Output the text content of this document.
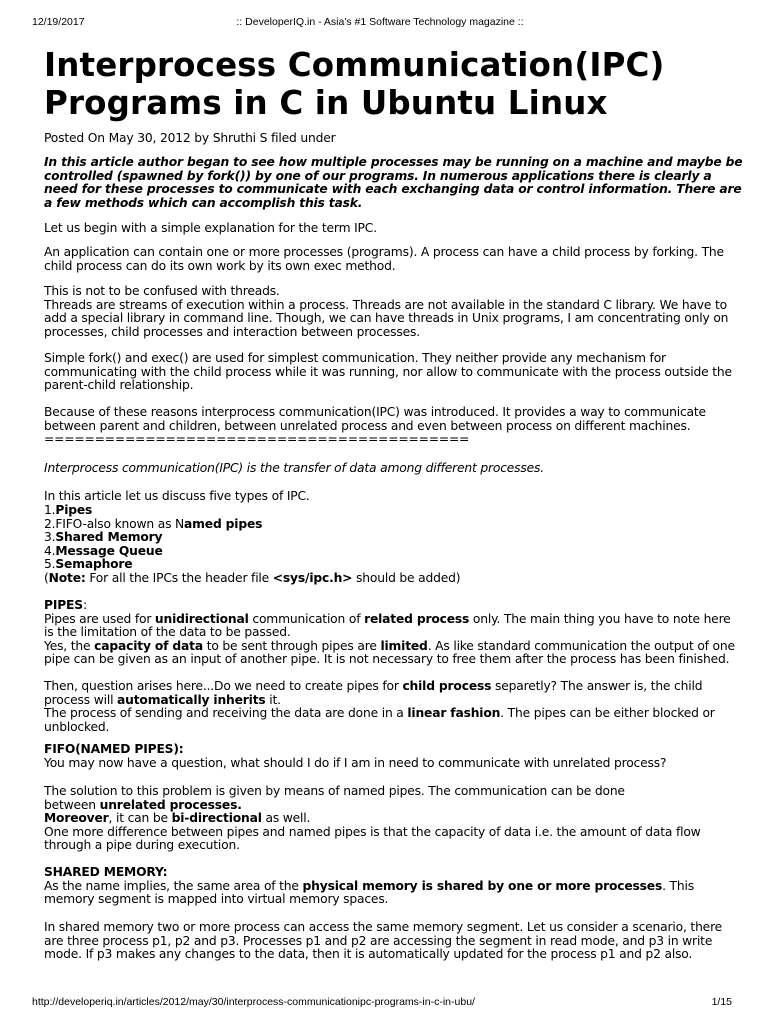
12/19/2017	:: DeveloperIQ.in - Asia's #1 Software Technology magazine ::
Interprocess Communication(IPC)
Programs in C in Ubuntu Linux
Posted On May 30, 2012 by Shruthi S filed under
In this article author began to see how multiple processes may be running on a machine and maybe be
controlled (spawned by fork()) by one of our programs. In numerous applications there is clearly a
need for these processes to communicate with each exchanging data or control information. There are
a few methods which can accomplish this task.
Let us begin with a simple explanation for the term IPC.
An application can contain one or more processes (programs). A process can have a child process by forking. The
child process can do its own work by its own exec method.
This is not to be confused with threads.
Threads are streams of execution within a process. Threads are not available in the standard C library. We have to
add a special library in command line. Though, we can have threads in Unix programs, I am concentrating only on
processes, child processes and interaction between processes.
Simple fork() and exec() are used for simplest communication. They neither provide any mechanism for
communicating with the child process while it was running, nor allow to communicate with the process outside the
parent-child relationship.
Because of these reasons interprocess communication(IPC) was introduced. It provides a way to communicate
between parent and children, between unrelated process and even between process on different machines.
==========================================
Interprocess communication(IPC) is the transfer of data among different processes.
In this article let us discuss five types of IPC.
1.Pipes
2.FIFO-also known as Named pipes
3.Shared Memory
4.Message Queue
5.Semaphore
(Note: For all the IPCs the header file <sys/ipc.h> should be added)
PIPES:
Pipes are used for unidirectional communication of related process only. The main thing you have to note here
is the limitation of the data to be passed.
Yes, the capacity of data to be sent through pipes are limited. As like standard communication the output of one
pipe can be given as an input of another pipe. It is not necessary to free them after the process has been finished.
Then, question arises here...Do we need to create pipes for child process separetly? The answer is, the child
process will automatically inherits it.
The process of sending and receiving the data are done in a linear fashion. The pipes can be either blocked or
unblocked.
FIFO(NAMED PIPES):
You may now have a question, what should I do if I am in need to communicate with unrelated process?
The solution to this problem is given by means of named pipes. The communication can be done
between unrelated processes.
Moreover, it can be bi-directional as well.
One more difference between pipes and named pipes is that the capacity of data i.e. the amount of data flow
through a pipe during execution.
SHARED MEMORY:
As the name implies, the same area of the physical memory is shared by one or more processes. This
memory segment is mapped into virtual memory spaces.
In shared memory two or more process can access the same memory segment. Let us consider a scenario, there
are three process p1, p2 and p3. Processes p1 and p2 are accessing the segment in read mode, and p3 in write
mode. If p3 makes any changes to the data, then it is automatically updated for the process p1 and p2 also.
http://developeriq.in/articles/2012/may/30/interprocess-communicationipc-programs-in-c-in-ubu/	1/15
